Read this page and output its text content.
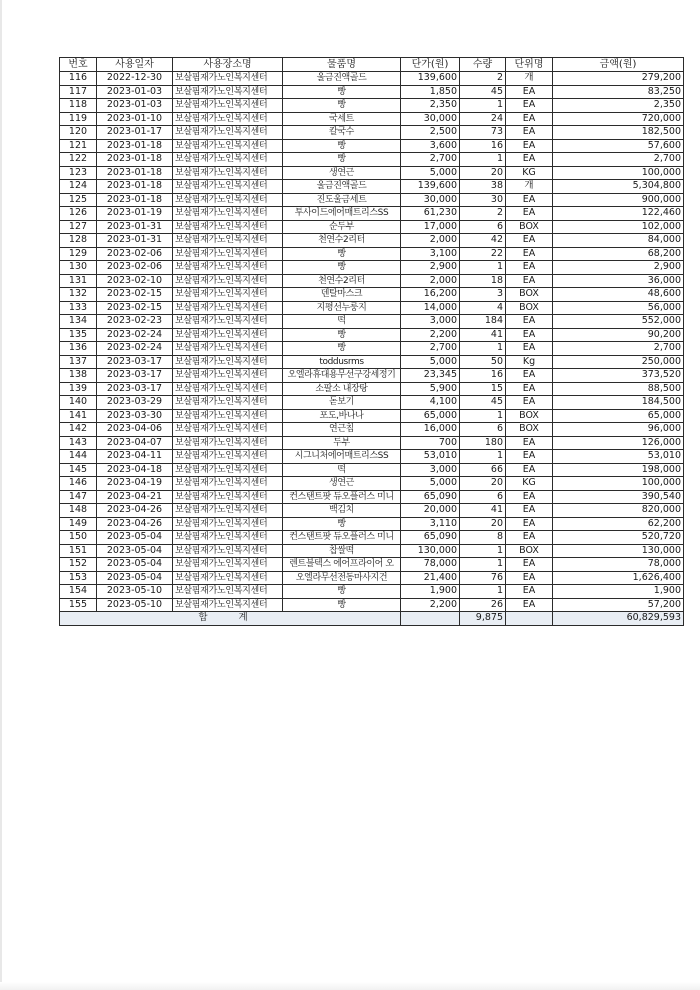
번호	사용일자	사용장소명	물품명	단가(원)	수량	단위명	금액(원)
116	2022-12-30	보살핌재가노인복지센터	울금진액골드	139,600	2	개	279,200
117	2023-01-03	보살핌재가노인복지센터	빵	1,850	45	EA	83,250
118	2023-01-03	보살핌재가노인복지센터	빵	2,350	1	EA	2,350
119	2023-01-10	보살핌재가노인복지센터	국세트	30,000	24	EA	720,000
120	2023-01-17	보살핌재가노인복지센터	칼국수	2,500	73	EA	182,500
121	2023-01-18	보살핌재가노인복지센터	빵	3,600	16	EA	57,600
122	2023-01-18	보살핌재가노인복지센터	빵	2,700	1	EA	2,700
123	2023-01-18	보살핌재가노인복지센터	생연근	5,000	20	KG	100,000
124	2023-01-18	보살핌재가노인복지센터	울금진액골드	139,600	38	개	5,304,800
125	2023-01-18	보살핌재가노인복지센터	진도울금세트	30,000	30	EA	900,000
126	2023-01-19	보살핌재가노인복지센터	투사이드에어매트리스SS	61,230	2	EA	122,460
127	2023-01-31	보살핌재가노인복지센터	순두부	17,000	6	BOX	102,000
128	2023-01-31	보살핌재가노인복지센터	천연수2리터	2,000	42	EA	84,000
129	2023-02-06	보살핌재가노인복지센터	빵	3,100	22	EA	68,200
130	2023-02-06	보살핌재가노인복지센터	빵	2,900	1	EA	2,900
131	2023-02-10	보살핌재가노인복지센터	천연수2리터	2,000	18	EA	36,000
132	2023-02-15	보살핌재가노인복지센터	덴탈마스크	16,200	3	BOX	48,600
133	2023-02-15	보살핌재가노인복지센터	지평선누룽지	14,000	4	BOX	56,000
134	2023-02-23	보살핌재가노인복지센터	떡	3,000	184	EA	552,000
135	2023-02-24	보살핌재가노인복지센터	빵	2,200	41	EA	90,200
136	2023-02-24	보살핌재가노인복지센터	빵	2,700	1	EA	2,700
137	2023-03-17	보살핌재가노인복지센터	toddusrms	5,000	50	Kg	250,000
138	2023-03-17	보살핌재가노인복지센터	오엘라휴대용무선구강세정기	23,345	16	EA	373,520
139	2023-03-17	보살핌재가노인복지센터	소팔소 내장탕	5,900	15	EA	88,500
140	2023-03-29	보살핌재가노인복지센터	돋보기	4,100	45	EA	184,500
141	2023-03-30	보살핌재가노인복지센터	포도,바나나	65,000	1	BOX	65,000
142	2023-04-06	보살핌재가노인복지센터	연근칩	16,000	6	BOX	96,000
143	2023-04-07	보살핌재가노인복지센터	두부	700	180	EA	126,000
144	2023-04-11	보살핌재가노인복지센터	시그니처에어매트리스SS	53,010	1	EA	53,010
145	2023-04-18	보살핌재가노인복지센터	떡	3,000	66	EA	198,000
146	2023-04-19	보살핌재가노인복지센터	생연근	5,000	20	KG	100,000
147	2023-04-21	보살핌재가노인복지센터	컨스탠트팟 듀오플러스 미니	65,090	6	EA	390,540
148	2023-04-26	보살핌재가노인복지센터	백김치	20,000	41	EA	820,000
149	2023-04-26	보살핌재가노인복지센터	빵	3,110	20	EA	62,200
150	2023-05-04	보살핌재가노인복지센터	컨스탠트팟 듀오플러스 미니	65,090	8	EA	520,720
151	2023-05-04	보살핌재가노인복지센터	찹쌀떡	130,000	1	BOX	130,000
152	2023-05-04	보살핌재가노인복지센터	렌트블텍스 에어프라이어 오	78,000	1	EA	78,000
153	2023-05-04	보살핌재가노인복지센터	오엘라무선전동마사지건	21,400	76	EA	1,626,400
154	2023-05-10	보살핌재가노인복지센터	빵	1,900	1	EA	1,900
155	2023-05-10	보살핌재가노인복지센터	빵	2,200	26	EA	57,200
합 계					9,875		60,829,593
